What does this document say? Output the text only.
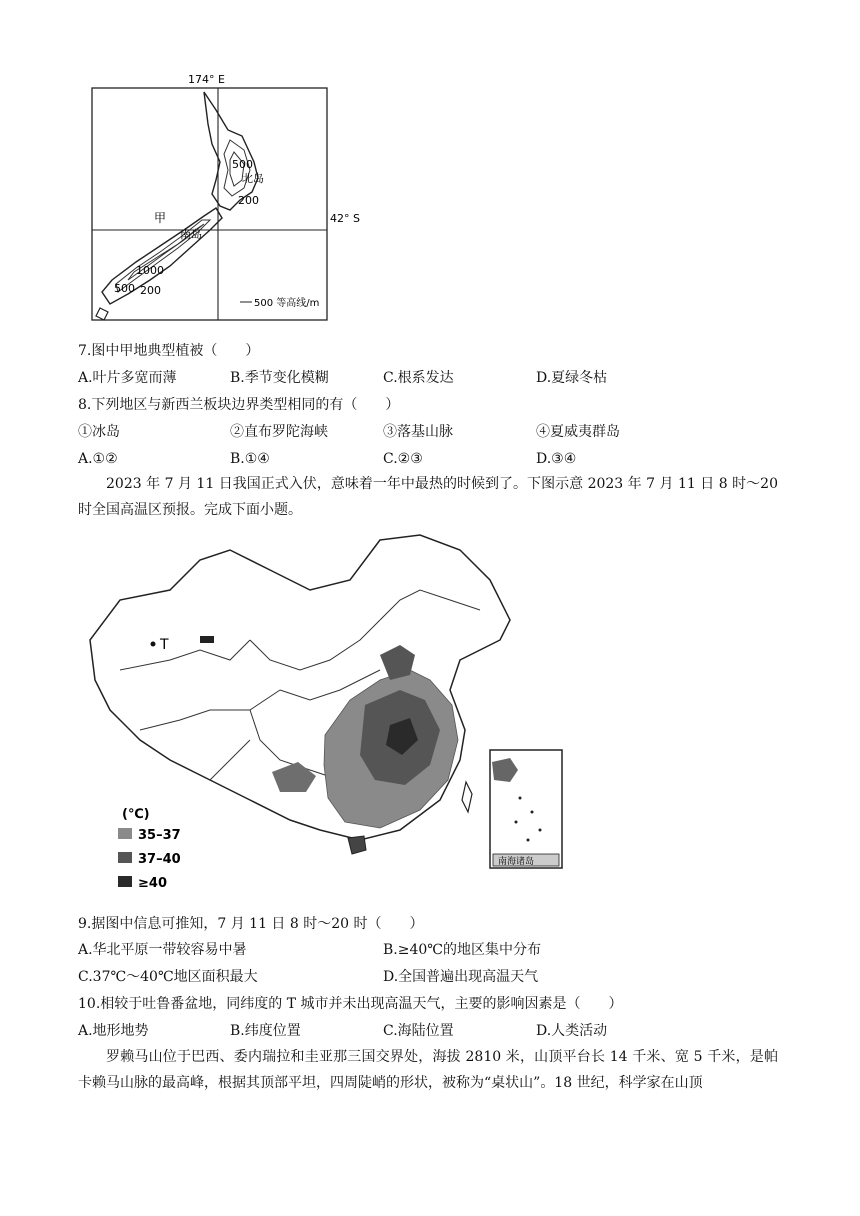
174° E
42° S
500
北岛
200
甲
南岛
1000
500 200
500 等高线/m
7.图中甲地典型植被（　　）
A.叶片多宽而薄	B.季节变化模糊	C.根系发达	D.夏绿冬枯
8.下列地区与新西兰板块边界类型相同的有（　　）
①冰岛	②直布罗陀海峡	③落基山脉	④夏威夷群岛
A.①②	B.①④	C.②③	D.③④
2023 年 7 月 11 日我国正式入伏，意味着一年中最热的时候到了。下图示意 2023 年 7 月 11 日 8 时～20 时全国高温区预报。完成下面小题。
T
(℃)
35–37
37–40
≥40
南海诸岛
9.据图中信息可推知，7 月 11 日 8 时～20 时（　　）
A.华北平原一带较容易中暑	B.≥40℃的地区集中分布
C.37℃～40℃地区面积最大	D.全国普遍出现高温天气
10.相较于吐鲁番盆地，同纬度的 T 城市并未出现高温天气，主要的影响因素是（　　）
A.地形地势	B.纬度位置	C.海陆位置	D.人类活动
罗赖马山位于巴西、委内瑞拉和圭亚那三国交界处，海拔 2810 米，山顶平台长 14 千米、宽 5 千米，是帕卡赖马山脉的最高峰，根据其顶部平坦，四周陡峭的形状，被称为“桌状山”。18 世纪，科学家在山顶
